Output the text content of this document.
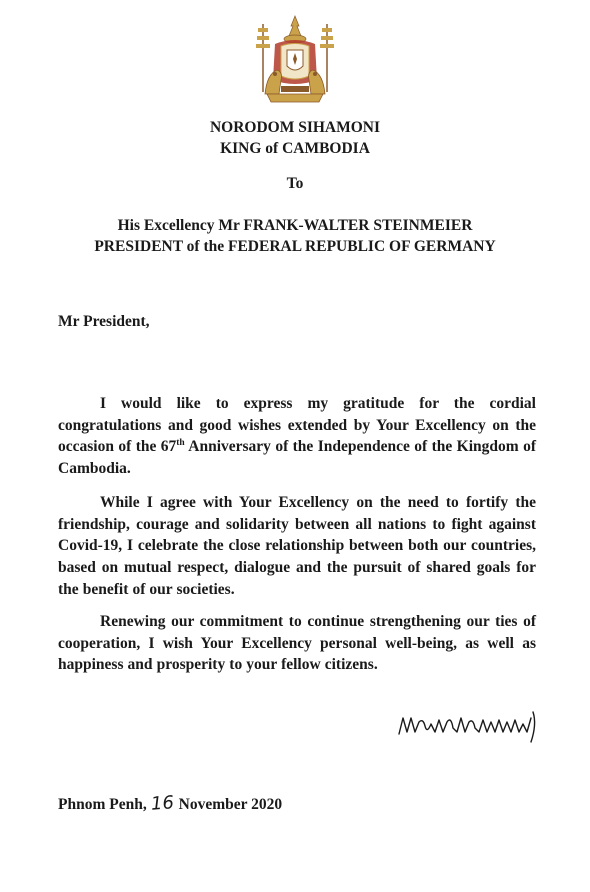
NORODOM SIHAMONI
KING of CAMBODIA
To
His Excellency Mr FRANK-WALTER STEINMEIER
PRESIDENT of the FEDERAL REPUBLIC OF GERMANY
Mr President,
I would like to express my gratitude for the cordial congratulations and good wishes extended by Your Excellency on the occasion of the 67th Anniversary of the Independence of the Kingdom of Cambodia.
While I agree with Your Excellency on the need to fortify the friendship, courage and solidarity between all nations to fight against Covid-19, I celebrate the close relationship between both our countries, based on mutual respect, dialogue and the pursuit of shared goals for the benefit of our societies.
Renewing our commitment to continue strengthening our ties of cooperation, I wish Your Excellency personal well-being, as well as happiness and prosperity to your fellow citizens.
Phnom Penh, 16 November 2020
